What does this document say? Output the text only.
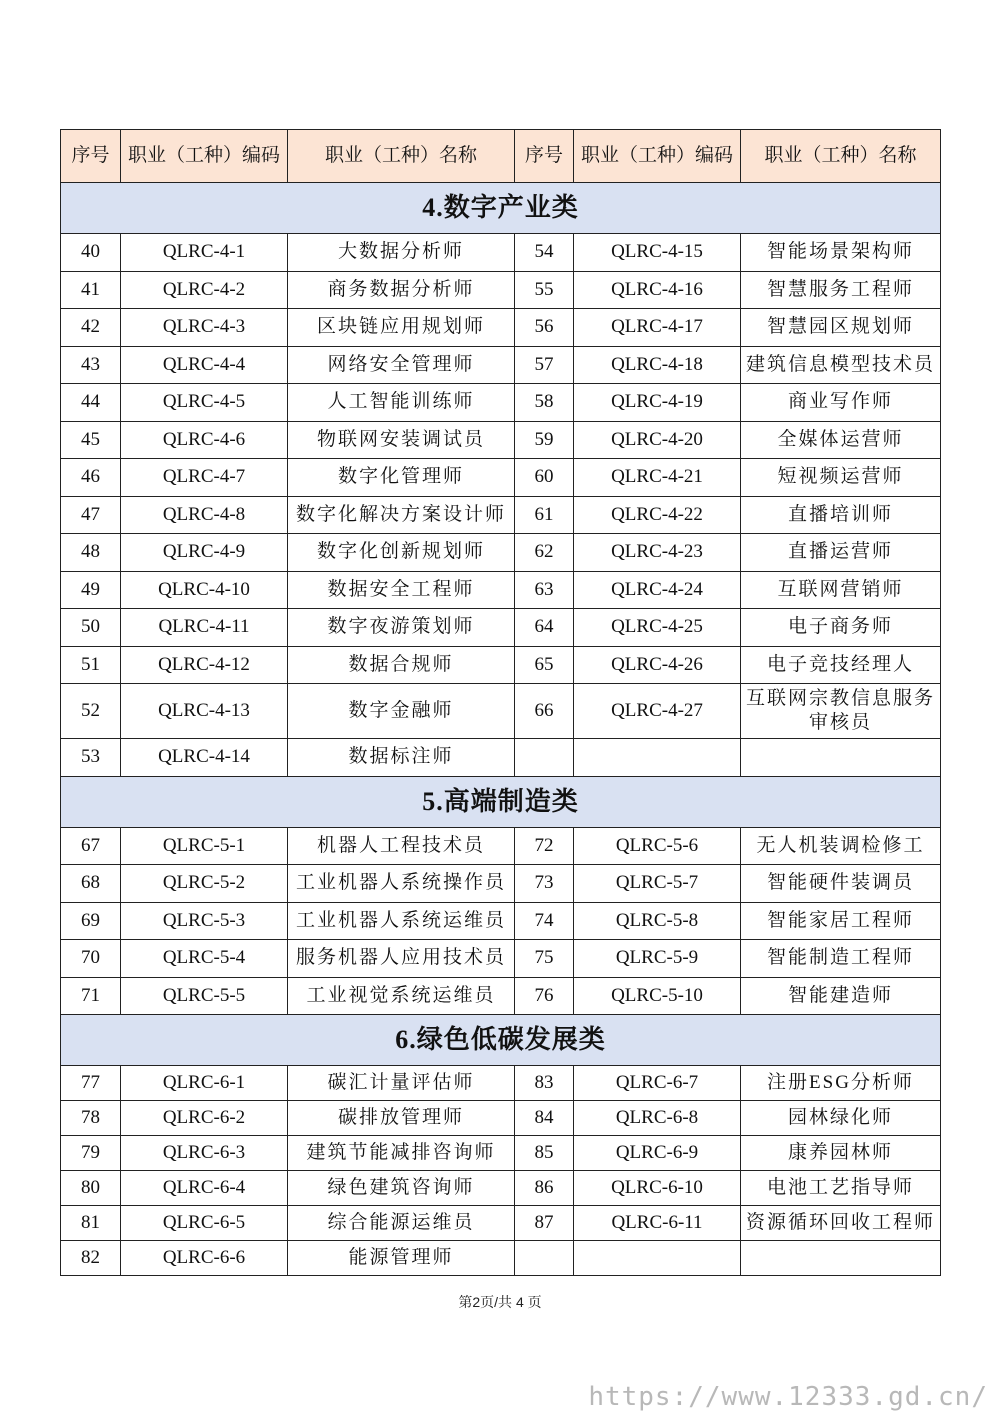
序号	职业（工种）编码	职业（工种）名称	序号	职业（工种）编码	职业（工种）名称
4.数字产业类					
40	QLRC-4-1	大数据分析师	54	QLRC-4-15	智能场景架构师
41	QLRC-4-2	商务数据分析师	55	QLRC-4-16	智慧服务工程师
42	QLRC-4-3	区块链应用规划师	56	QLRC-4-17	智慧园区规划师
43	QLRC-4-4	网络安全管理师	57	QLRC-4-18	建筑信息模型技术员
44	QLRC-4-5	人工智能训练师	58	QLRC-4-19	商业写作师
45	QLRC-4-6	物联网安装调试员	59	QLRC-4-20	全媒体运营师
46	QLRC-4-7	数字化管理师	60	QLRC-4-21	短视频运营师
47	QLRC-4-8	数字化解决方案设计师	61	QLRC-4-22	直播培训师
48	QLRC-4-9	数字化创新规划师	62	QLRC-4-23	直播运营师
49	QLRC-4-10	数据安全工程师	63	QLRC-4-24	互联网营销师
50	QLRC-4-11	数字夜游策划师	64	QLRC-4-25	电子商务师
51	QLRC-4-12	数据合规师	65	QLRC-4-26	电子竞技经理人
52	QLRC-4-13	数字金融师	66	QLRC-4-27	互联网宗教信息服务审核员
53	QLRC-4-14	数据标注师			
5.高端制造类					
67	QLRC-5-1	机器人工程技术员	72	QLRC-5-6	无人机装调检修工
68	QLRC-5-2	工业机器人系统操作员	73	QLRC-5-7	智能硬件装调员
69	QLRC-5-3	工业机器人系统运维员	74	QLRC-5-8	智能家居工程师
70	QLRC-5-4	服务机器人应用技术员	75	QLRC-5-9	智能制造工程师
71	QLRC-5-5	工业视觉系统运维员	76	QLRC-5-10	智能建造师
6.绿色低碳发展类					
77	QLRC-6-1	碳汇计量评估师	83	QLRC-6-7	注册ESG分析师
78	QLRC-6-2	碳排放管理师	84	QLRC-6-8	园林绿化师
79	QLRC-6-3	建筑节能减排咨询师	85	QLRC-6-9	康养园林师
80	QLRC-6-4	绿色建筑咨询师	86	QLRC-6-10	电池工艺指导师
81	QLRC-6-5	综合能源运维员	87	QLRC-6-11	资源循环回收工程师
82	QLRC-6-6	能源管理师			
第2页/共 4 页
https://www.12333.gd.cn/
